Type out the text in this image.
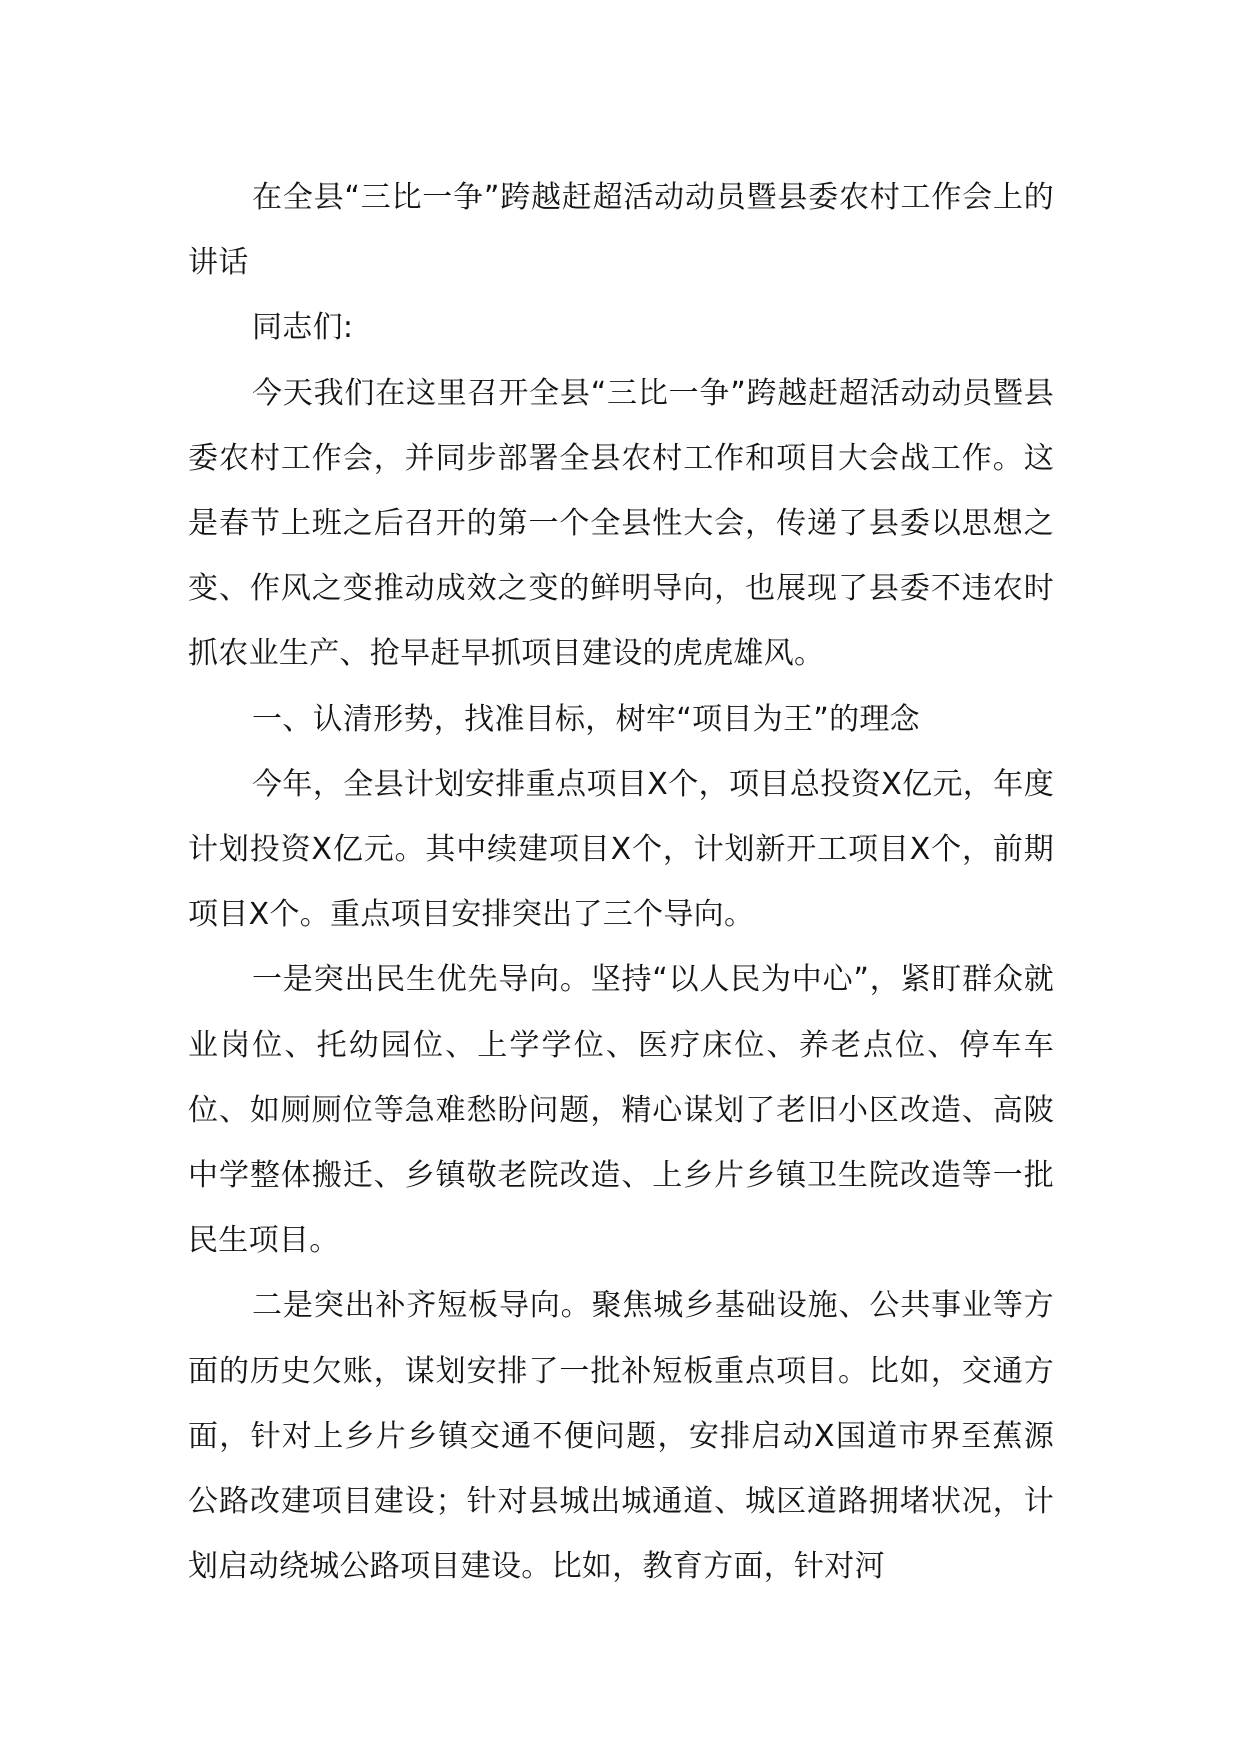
在全县“三比一争”跨越赶超活动动员暨县委农村工作会上的讲话

同志们:

今天我们在这里召开全县“三比一争”跨越赶超活动动员暨县委农村工作会，并同步部署全县农村工作和项目大会战工作。这是春节上班之后召开的第一个全县性大会，传递了县委以思想之变、作风之变推动成效之变的鲜明导向，也展现了县委不违农时抓农业生产、抢早赶早抓项目建设的虎虎雄风。

一、认清形势，找准目标，树牢“项目为王”的理念

今年，全县计划安排重点项目X个，项目总投资X亿元，年度计划投资X亿元。其中续建项目X个，计划新开工项目X个，前期项目X个。重点项目安排突出了三个导向。

一是突出民生优先导向。坚持“以人民为中心”，紧盯群众就业岗位、托幼园位、上学学位、医疗床位、养老点位、停车车位、如厕厕位等急难愁盼问题，精心谋划了老旧小区改造、高陂中学整体搬迁、乡镇敬老院改造、上乡片乡镇卫生院改造等一批民生项目。

二是突出补齐短板导向。聚焦城乡基础设施、公共事业等方面的历史欠账，谋划安排了一批补短板重点项目。比如，交通方面，针对上乡片乡镇交通不便问题，安排启动X国道市界至蕉源公路改建项目建设；针对县城出城通道、城区道路拥堵状况，计划启动绕城公路项目建设。比如，教育方面，针对河
